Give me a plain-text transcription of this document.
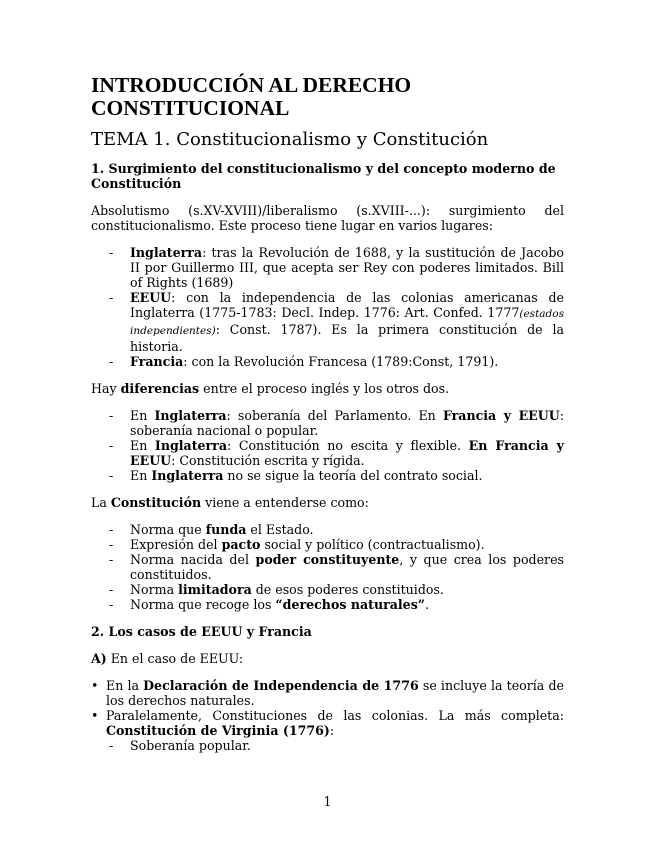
INTRODUCCIÓN AL DERECHO CONSTITUCIONAL
TEMA 1. Constitucionalismo y Constitución
1. Surgimiento del constitucionalismo y del concepto moderno de Constitución

Absolutismo (s.XV-XVIII)/liberalismo (s.XVIII-...): surgimiento del constitucionalismo. Este proceso tiene lugar en varios lugares:

- Inglaterra: tras la Revolución de 1688, y la sustitución de Jacobo II por Guillermo III, que acepta ser Rey con poderes limitados. Bill of Rights (1689)
- EEUU: con la independencia de las colonias americanas de Inglaterra (1775-1783: Decl. Indep. 1776: Art. Confed. 1777(estados independientes): Const. 1787). Es la primera constitución de la historia.
- Francia: con la Revolución Francesa (1789:Const, 1791).

Hay diferencias entre el proceso inglés y los otros dos.

- En Inglaterra: soberanía del Parlamento. En Francia y EEUU: soberanía nacional o popular.
- En Inglaterra: Constitución no escita y flexible. En Francia y EEUU: Constitución escrita y rígida.
- En Inglaterra no se sigue la teoría del contrato social.

La Constitución viene a entenderse como:

- Norma que funda el Estado.
- Expresión del pacto social y político (contractualismo).
- Norma nacida del poder constituyente, y que crea los poderes constituidos.
- Norma limitadora de esos poderes constituidos.
- Norma que recoge los “derechos naturales”.
2. Los casos de EEUU y Francia

A) En el caso de EEUU:

• En la Declaración de Independencia de 1776 se incluye la teoría de los derechos naturales.
• Paralelamente, Constituciones de las colonias. La más completa: Constitución de Virginia (1776):
- Soberanía popular.
1
